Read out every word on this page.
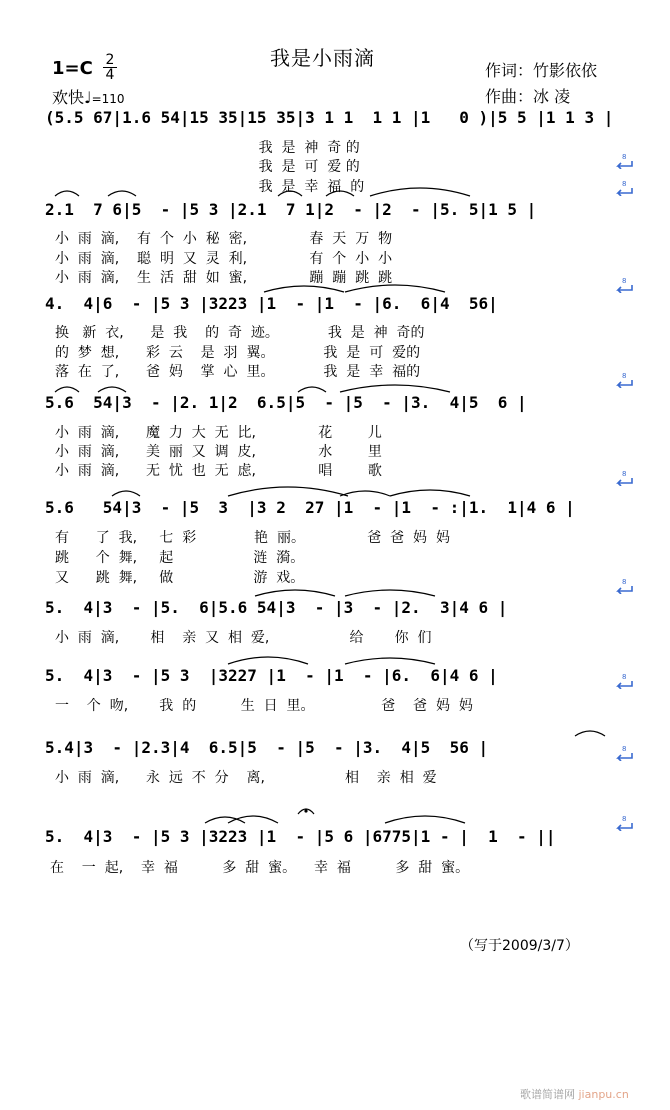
我是小雨滴
1=C 2
4
欢快♩=110
作词：竹影依依
作曲：冰 凌
(5.5 67|1.6 54|15 35|15 35|3 1 1  1 1 |1   0 )|5 5 |1 1 3 |
我  是  神  奇 的
我  是  可  爱 的
我  是  幸  福  的
2.1  7 6|5  - |5 3 |2.1  7 1|2  - |2  - |5. 5|1 5 |
小  雨  滴,    有  个  小  秘  密,              春  天  万  物
小  雨  滴,    聪  明  又  灵  利,              有  个  小  小
小  雨  滴,    生  活  甜  如  蜜,              蹦  蹦  跳  跳
4.  4|6  - |5 3 |3223 |1  - |1  - |6.  6|4  56|
换   新  衣,      是  我    的  奇  迹。           我  是  神  奇的
的  梦  想,      彩  云    是  羽  翼。           我  是  可  爱的
落  在  了,      爸  妈    掌  心  里。           我  是  幸  福的
5.6  54|3  - |2. 1|2  6.5|5  - |5  - |3.  4|5  6 |
小  雨  滴,      魔  力  大  无  比,              花        儿
小  雨  滴,      美  丽  又  调  皮,              水        里
小  雨  滴,      无  忧  也  无  虑,              唱        歌
5.6   54|3  - |5  3  |3 2  27 |1  - |1  - :|1.  1|4 6 |
有      了  我,     七  彩             艳  丽。              爸  爸  妈  妈
跳      个  舞,     起                  涟  漪。
又      跳  舞,     做                  游  戏。
5.  4|3  - |5.  6|5.6 54|3  - |3  - |2.  3|4 6 |
小  雨  滴,       相    亲  又  相  爱,                  给       你  们
5.  4|3  - |5 3  |3227 |1  - |1  - |6.  6|4 6 |
一    个  吻,       我  的          生  日  里。               爸    爸  妈  妈
5.4|3  - |2.3|4  6.5|5  - |5  - |3.  4|5  56 |
小  雨  滴,      永  远  不  分    离,                  相    亲  相  爱
5.  4|3  - |5 3 |3223 |1  - |5 6 |6775|1 - |  1  - ||
在    一  起,    幸  福          多  甜  蜜。    幸  福          多  甜  蜜。
8
8
8
8
8
8
8
8
8
（写于2009/3/7）
歌谱简谱网 jianpu.cn
